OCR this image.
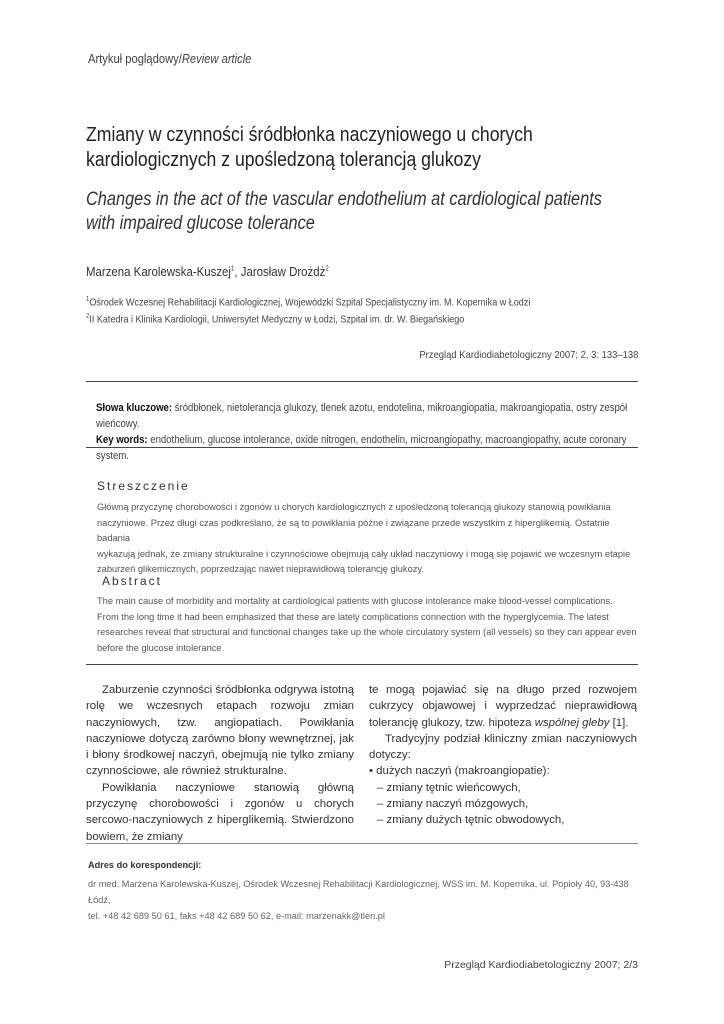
Artykuł poglądowy/Review article
Zmiany w czynności śródbłonka naczyniowego u chorych
kardiologicznych z upośledzoną tolerancją glukozy
Changes in the act of the vascular endothelium at cardiological patients
with impaired glucose tolerance
Marzena Karolewska-Kuszej$^1$, Jarosław Drożdż$^2$
$^1$Ośrodek Wczesnej Rehabilitacji Kardiologicznej, Wojewódzki Szpital Specjalistyczny im. M. Kopernika w Łodzi
$^2$II Katedra i Klinika Kardiologii, Uniwersytet Medyczny w Łodzi, Szpital im. dr. W. Biegańskiego
Przegląd Kardiodiabetologiczny 2007; 2, 3: 133–138
Słowa kluczowe: śródbłonek, nietolerancja glukozy, tlenek azotu, endotelina, mikroangiopatia, makroangiopatia, ostry zespół wieńcowy.
Key words: endothelium, glucose intolerance, oxide nitrogen, endothelin, microangiopathy, macroangiopathy, acute coronary system.
Streszczenie
Główną przyczynę chorobowości i zgonów u chorych kardiologicznych z upośledzoną tolerancją glukozy stanowią powikłania
naczyniowe. Przez długi czas podkreślano, że są to powikłania późne i związane przede wszystkim z hiperglikemią. Ostatnie badania
wykazują jednak, że zmiany strukturalne i czynnościowe obejmują cały układ naczyniowy i mogą się pojawić we wczesnym etapie
zaburzeń glikemicznych, poprzedzając nawet nieprawidłową tolerancję glukozy.
Abstract
The main cause of morbidity and mortality at cardiological patients with glucose intolerance make blood-vessel complications.
From the long time it had been emphasized that these are lately complications connection with the hyperglycemia. The latest
researches reveal that structural and functional changes take up the whole circulatory system (all vessels) so they can appear even
before the glucose intolerance.

Zaburzenie czynności śródbłonka odgrywa istotną rolę we wczesnych etapach rozwoju zmian naczyniowych, tzw. angiopatiach. Powikłania naczyniowe dotyczą zarówno błony wewnętrznej, jak i błony środkowej naczyń, obejmują nie tylko zmiany czynnościowe, ale również strukturalne.

Powikłania naczyniowe stanowią główną przyczynę chorobowości i zgonów u chorych sercowo-naczyniowych z hiperglikemią. Stwierdzono bowiem, że zmiany

te mogą pojawiać się na długo przed rozwojem cukrzycy objawowej i wyprzedzać nieprawidłową tolerancję glukozy, tzw. hipoteza wspólnej gleby [1].

Tradycyjny podział kliniczny zmian naczyniowych dotyczy:

• dużych naczyń (makroangiopatie):

– zmiany tętnic wieńcowych,

– zmiany naczyń mózgowych,

– zmiany dużych tętnic obwodowych,

Adres do korespondencji:
dr med. Marzena Karolewska-Kuszej, Ośrodek Wczesnej Rehabilitacji Kardiologicznej, WSS im. M. Kopernika, ul. Popioły 40, 93-438 Łódź,
tel. +48 42 689 50 61, faks +48 42 689 50 62, e-mail: marzenakk@tlen.pl
Przegląd Kardiodiabetologiczny 2007; 2/3
